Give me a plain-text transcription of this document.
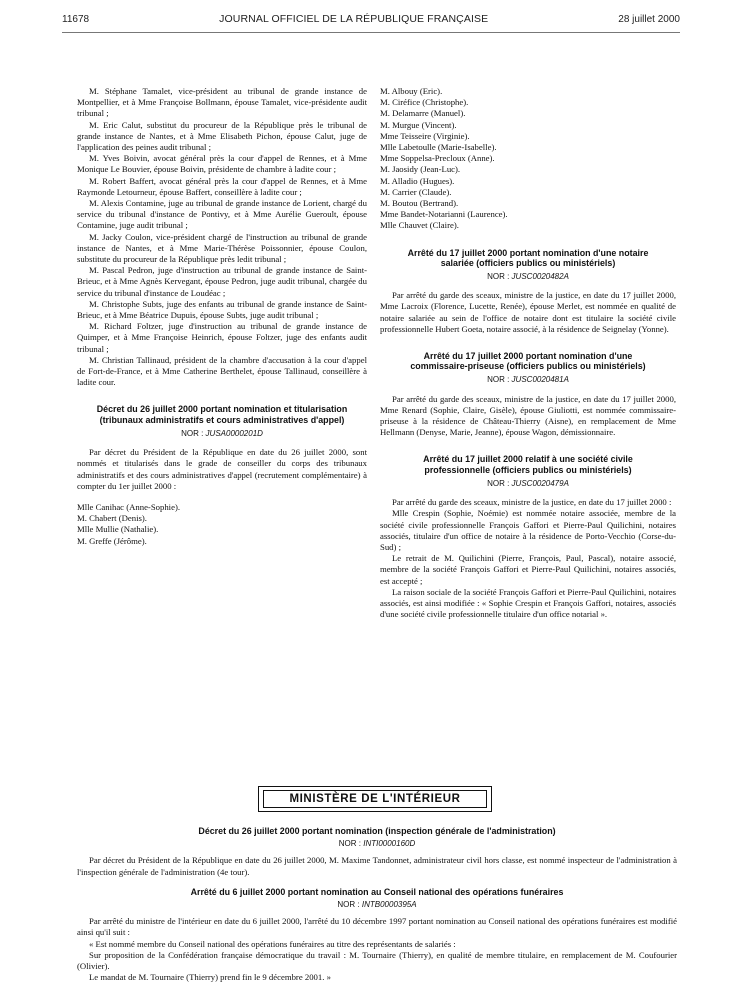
11678	JOURNAL OFFICIEL DE LA RÉPUBLIQUE FRANÇAISE	28 juillet 2000

M. Stéphane Tamalet, vice-président au tribunal de grande instance de Montpellier, et à Mme Françoise Bollmann, épouse Tamalet, vice-présidente audit tribunal ;

M. Eric Calut, substitut du procureur de la République près le tribunal de grande instance de Nantes, et à Mme Elisabeth Pichon, épouse Calut, juge de l'application des peines audit tribunal ;

M. Yves Boivin, avocat général près la cour d'appel de Rennes, et à Mme Monique Le Bouvier, épouse Boivin, présidente de chambre à ladite cour ;

M. Robert Baffert, avocat général près la cour d'appel de Rennes, et à Mme Raymonde Letourneur, épouse Baffert, conseillère à ladite cour ;

M. Alexis Contamine, juge au tribunal de grande instance de Lorient, chargé du service du tribunal d'instance de Pontivy, et à Mme Aurélie Gueroult, épouse Contamine, juge audit tribunal ;

M. Jacky Coulon, vice-président chargé de l'instruction au tribunal de grande instance de Nantes, et à Mme Marie-Thérèse Poissonnier, épouse Coulon, substitute du procureur de la République près ledit tribunal ;

M. Pascal Pedron, juge d'instruction au tribunal de grande instance de Saint-Brieuc, et à Mme Agnès Kervegant, épouse Pedron, juge audit tribunal, chargée du service du tribunal d'instance de Loudéac ;

M. Christophe Subts, juge des enfants au tribunal de grande instance de Saint-Brieuc, et à Mme Béatrice Dupuis, épouse Subts, juge audit tribunal ;

M. Richard Foltzer, juge d'instruction au tribunal de grande instance de Quimper, et à Mme Françoise Heinrich, épouse Foltzer, juge des enfants audit tribunal ;

M. Christian Tallinaud, président de la chambre d'accusation à la cour d'appel de Fort-de-France, et à Mme Catherine Berthelet, épouse Tallinaud, conseillère à ladite cour.

Décret du 26 juillet 2000 portant nomination et titularisation (tribunaux administratifs et cours administratives d'appel)

NOR : JUSA0000201D

Par décret du Président de la République en date du 26 juillet 2000, sont nommés et titularisés dans le grade de conseiller du corps des tribunaux administratifs et des cours administratives d'appel (recrutement complémentaire) à compter du 1er juillet 2000 :

Mlle Canihac (Anne-Sophie).

M. Chabert (Denis).

Mlle Mullie (Nathalie).

M. Greffe (Jérôme).

M. Albouy (Eric).

M. Ciréfice (Christophe).

M. Delamarre (Manuel).

M. Murgue (Vincent).

Mme Teisseire (Virginie).

Mlle Labetoulle (Marie-Isabelle).

Mme Soppelsa-Precloux (Anne).

M. Jaosidy (Jean-Luc).

M. Alladio (Hugues).

M. Carrier (Claude).

M. Boutou (Bertrand).

Mme Bandet-Notarianni (Laurence).

Mlle Chauvet (Claire).

Arrêté du 17 juillet 2000 portant nomination d'une notaire salariée (officiers publics ou ministériels)

NOR : JUSC0020482A

Par arrêté du garde des sceaux, ministre de la justice, en date du 17 juillet 2000, Mme Lacroix (Florence, Lucette, Renée), épouse Merlet, est nommée en qualité de notaire salariée au sein de l'office de notaire dont est titulaire la société civile professionnelle Hubert Goeta, notaire associé, à la résidence de Seignelay (Yonne).

Arrêté du 17 juillet 2000 portant nomination d'une commissaire-priseuse (officiers publics ou ministériels)

NOR : JUSC0020481A

Par arrêté du garde des sceaux, ministre de la justice, en date du 17 juillet 2000, Mme Renard (Sophie, Claire, Gisèle), épouse Giuliotti, est nommée commissaire-priseuse à la résidence de Château-Thierry (Aisne), en remplacement de Mme Hellmann (Denyse, Marie, Jeanne), épouse Wagon, démissionnaire.

Arrêté du 17 juillet 2000 relatif à une société civile professionnelle (officiers publics ou ministériels)

NOR : JUSC0020479A

Par arrêté du garde des sceaux, ministre de la justice, en date du 17 juillet 2000 :

Mlle Crespin (Sophie, Noémie) est nommée notaire associée, membre de la société civile professionnelle François Gaffori et Pierre-Paul Quilichini, notaires associés, titulaire d'un office de notaire à la résidence de Porto-Vecchio (Corse-du-Sud) ;

Le retrait de M. Quilichini (Pierre, François, Paul, Pascal), notaire associé, membre de la société François Gaffori et Pierre-Paul Quilichini, notaires associés, est accepté ;

La raison sociale de la société François Gaffori et Pierre-Paul Quilichini, notaires associés, est ainsi modifiée : « Sophie Crespin et François Gaffori, notaires, associés d'une société civile professionnelle titulaire d'un office notarial ».

MINISTÈRE DE L'INTÉRIEUR

Décret du 26 juillet 2000 portant nomination (inspection générale de l'administration)

NOR : INTI0000160D

Par décret du Président de la République en date du 26 juillet 2000, M. Maxime Tandonnet, administrateur civil hors classe, est nommé inspecteur de l'administration à l'inspection générale de l'administration (4e tour).

Arrêté du 6 juillet 2000 portant nomination au Conseil national des opérations funéraires

NOR : INTB0000395A

Par arrêté du ministre de l'intérieur en date du 6 juillet 2000, l'arrêté du 10 décembre 1997 portant nomination au Conseil national des opérations funéraires est modifié ainsi qu'il suit :

« Est nommé membre du Conseil national des opérations funéraires au titre des représentants de salariés :

Sur proposition de la Confédération française démocratique du travail : M. Tournaire (Thierry), en qualité de membre titulaire, en remplacement de M. Coufourier (Olivier).

Le mandat de M. Tournaire (Thierry) prend fin le 9 décembre 2001. »
